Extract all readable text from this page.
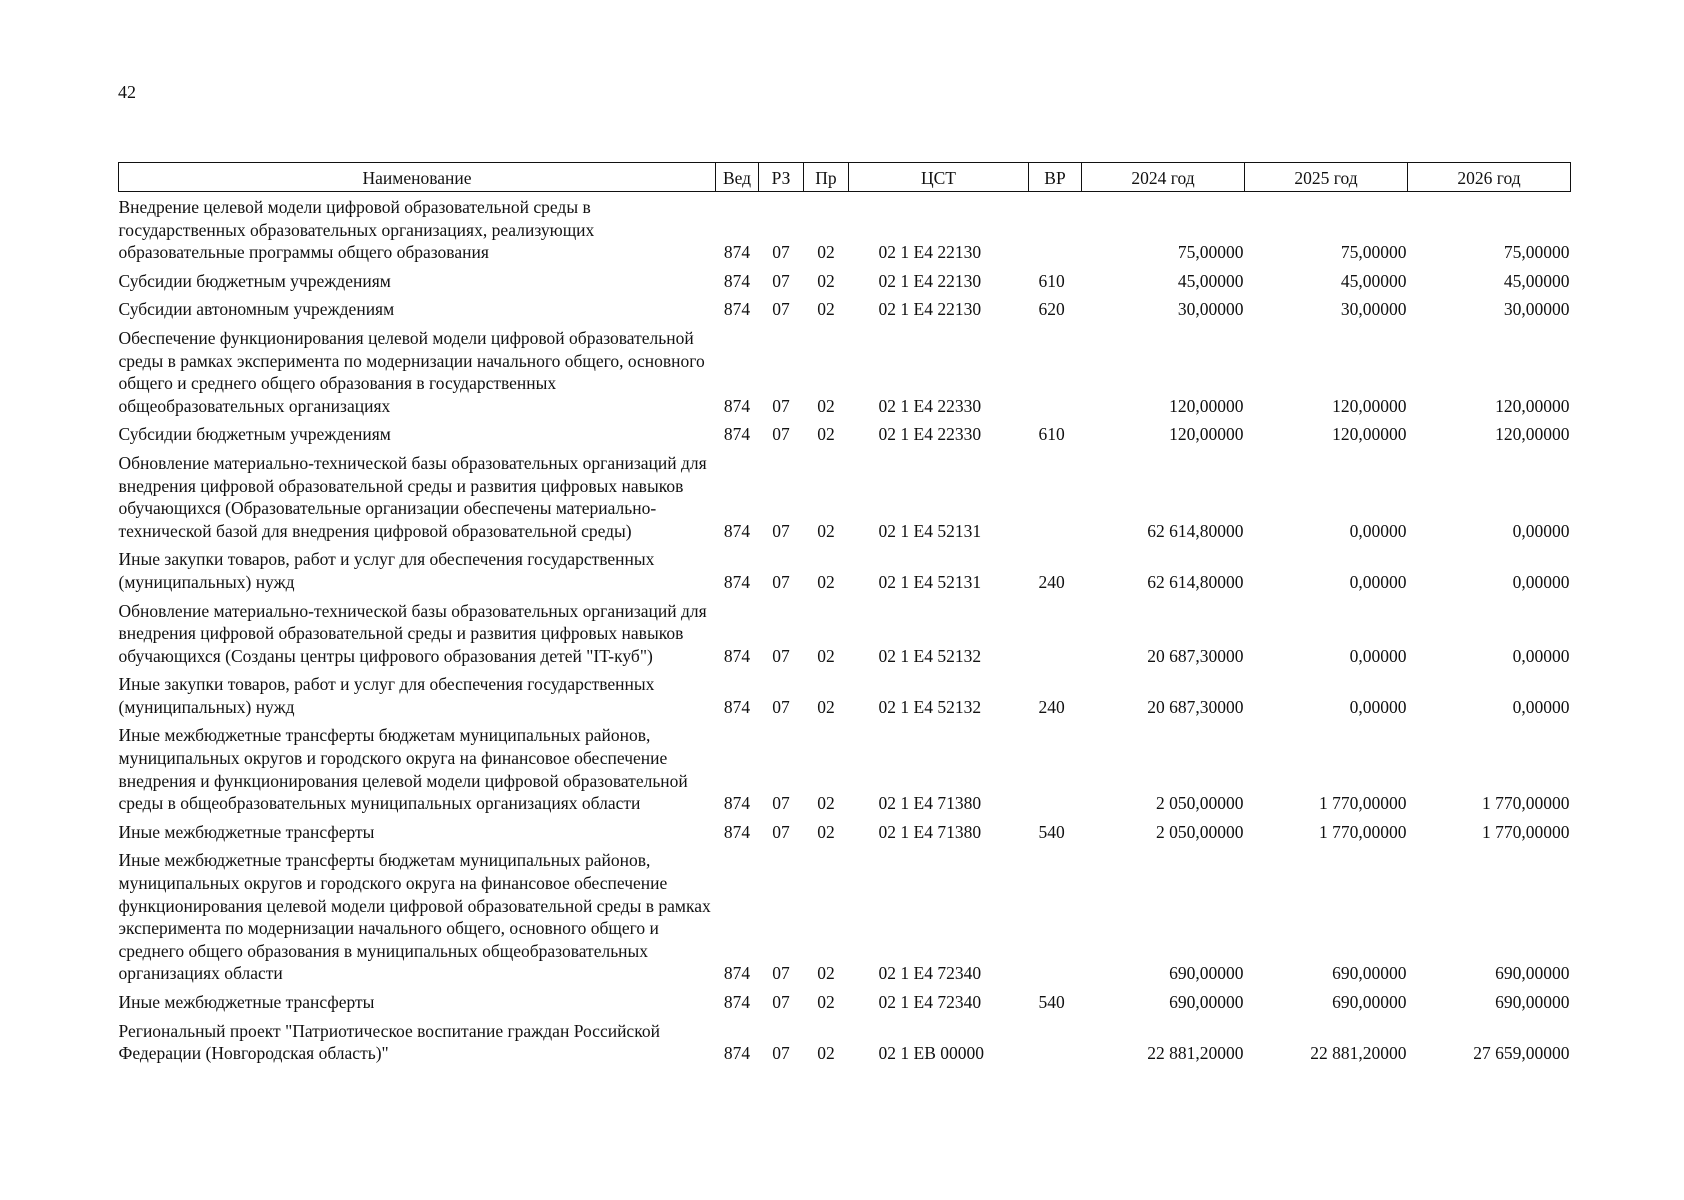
42
Наименование	Вед	РЗ	Пр	ЦСТ	ВР	2024 год	2025 год	2026 год
Внедрение целевой модели цифровой образовательной среды в государственных образовательных организациях, реализующих образовательные программы общего образования	874	07	02	02 1 Е4 22130		75,00000	75,00000	75,00000
Субсидии бюджетным учреждениям	874	07	02	02 1 Е4 22130	610	45,00000	45,00000	45,00000
Субсидии автономным учреждениям	874	07	02	02 1 Е4 22130	620	30,00000	30,00000	30,00000
Обеспечение функционирования целевой модели цифровой образовательной среды в рамках эксперимента по модернизации начального общего, основного общего и среднего общего образования в государственных общеобразовательных организациях	874	07	02	02 1 Е4 22330		120,00000	120,00000	120,00000
Субсидии бюджетным учреждениям	874	07	02	02 1 Е4 22330	610	120,00000	120,00000	120,00000
Обновление материально-технической базы образовательных организаций для внедрения цифровой образовательной среды и развития цифровых навыков обучающихся (Образовательные организации обеспечены материально-технической базой для внедрения цифровой образовательной среды)	874	07	02	02 1 Е4 52131		62 614,80000	0,00000	0,00000
Иные закупки товаров, работ и услуг для обеспечения государственных (муниципальных) нужд	874	07	02	02 1 Е4 52131	240	62 614,80000	0,00000	0,00000
Обновление материально-технической базы образовательных организаций для внедрения цифровой образовательной среды и развития цифровых навыков обучающихся (Созданы центры цифрового образования детей "IT-куб")	874	07	02	02 1 Е4 52132		20 687,30000	0,00000	0,00000
Иные закупки товаров, работ и услуг для обеспечения государственных (муниципальных) нужд	874	07	02	02 1 Е4 52132	240	20 687,30000	0,00000	0,00000
Иные межбюджетные трансферты бюджетам муниципальных районов, муниципальных округов и городского округа на финансовое обеспечение внедрения и функционирования целевой модели цифровой образовательной среды в общеобразовательных муниципальных организациях области	874	07	02	02 1 Е4 71380		2 050,00000	1 770,00000	1 770,00000
Иные межбюджетные трансферты	874	07	02	02 1 Е4 71380	540	2 050,00000	1 770,00000	1 770,00000
Иные межбюджетные трансферты бюджетам муниципальных районов, муниципальных округов и городского округа на финансовое обеспечение функционирования целевой модели цифровой образовательной среды в рамках эксперимента по модернизации начального общего, основного общего и среднего общего образования в муниципальных общеобразовательных организациях области	874	07	02	02 1 Е4 72340		690,00000	690,00000	690,00000
Иные межбюджетные трансферты	874	07	02	02 1 Е4 72340	540	690,00000	690,00000	690,00000
Региональный проект "Патриотическое воспитание граждан Российской Федерации (Новгородская область)"	874	07	02	02 1 ЕВ 00000		22 881,20000	22 881,20000	27 659,00000
